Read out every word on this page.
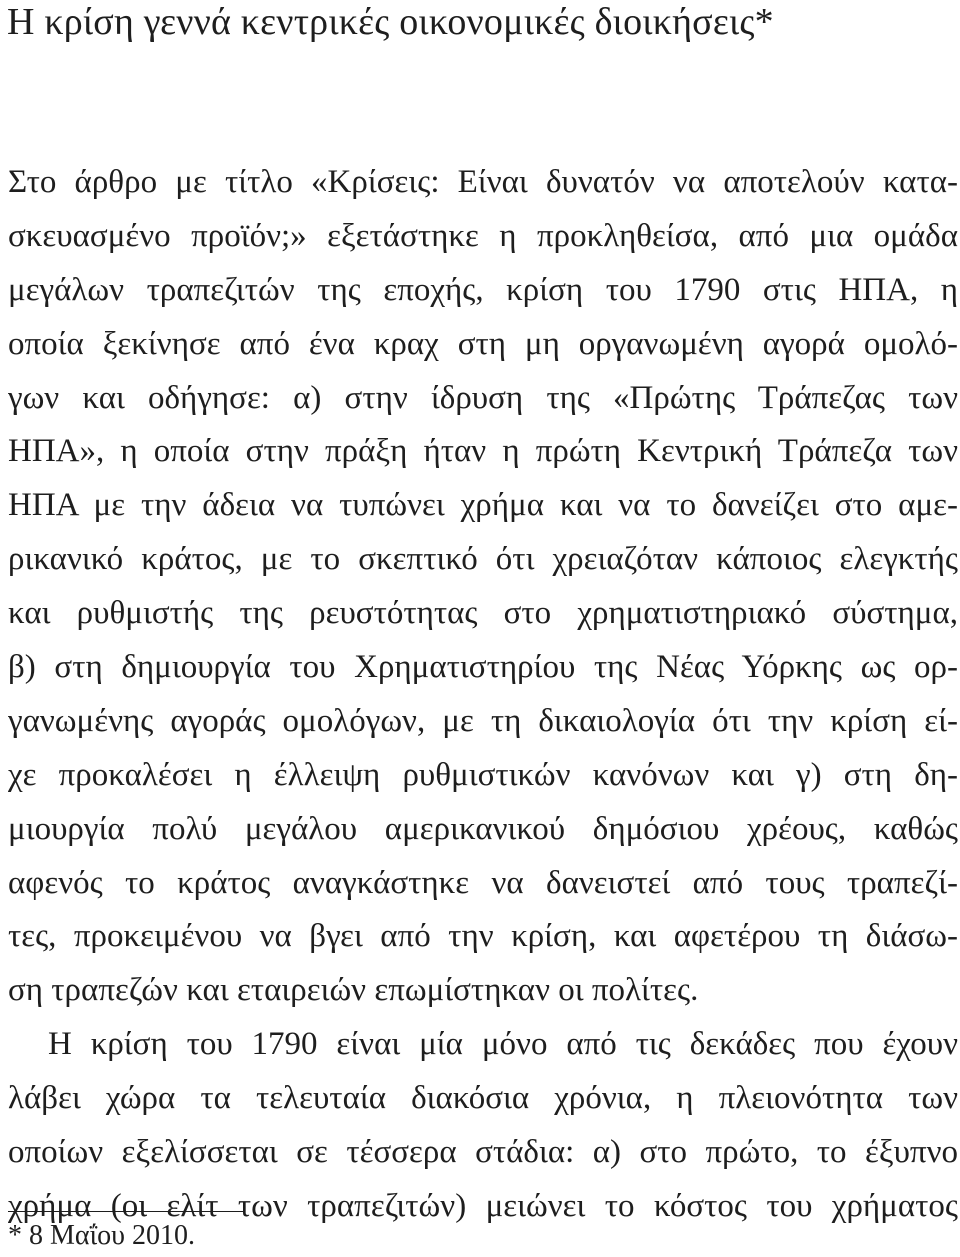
Η κρίση γεννά κεντρικές οικονομικές διοικήσεις*
Στο άρθρο με τίτλο «Κρίσεις: Είναι δυνατόν να αποτελούν κατα-
σκευασμένο προϊόν;» εξετάστηκε η προκληθείσα, από μια ομάδα
μεγάλων τραπεζιτών της εποχής, κρίση του 1790 στις ΗΠΑ, η
οποία ξεκίνησε από ένα κραχ στη μη οργανωμένη αγορά ομολό-
γων και οδήγησε: α) στην ίδρυση της «Πρώτης Τράπεζας των
ΗΠΑ», η οποία στην πράξη ήταν η πρώτη Κεντρική Τράπεζα των
ΗΠΑ με την άδεια να τυπώνει χρήμα και να το δανείζει στο αμε-
ρικανικό κράτος, με το σκεπτικό ότι χρειαζόταν κάποιος ελεγκτής
και ρυθμιστής της ρευστότητας στο χρηματιστηριακό σύστημα,
β) στη δημιουργία του Χρηματιστηρίου της Νέας Υόρκης ως ορ-
γανωμένης αγοράς ομολόγων, με τη δικαιολογία ότι την κρίση εί-
χε προκαλέσει η έλλειψη ρυθμιστικών κανόνων και γ) στη δη-
μιουργία πολύ μεγάλου αμερικανικού δημόσιου χρέους, καθώς
αφενός το κράτος αναγκάστηκε να δανειστεί από τους τραπεζί-
τες, προκειμένου να βγει από την κρίση, και αφετέρου τη διάσω-
ση τραπεζών και εταιρειών επωμίστηκαν οι πολίτες.
Η κρίση του 1790 είναι μία μόνο από τις δεκάδες που έχουν
λάβει χώρα τα τελευταία διακόσια χρόνια, η πλειονότητα των
οποίων εξελίσσεται σε τέσσερα στάδια: α) στο πρώτο, το έξυπνο
χρήμα (οι ελίτ των τραπεζιτών) μειώνει το κόστος του χρήματος
* 8 Μαΐου 2010.
